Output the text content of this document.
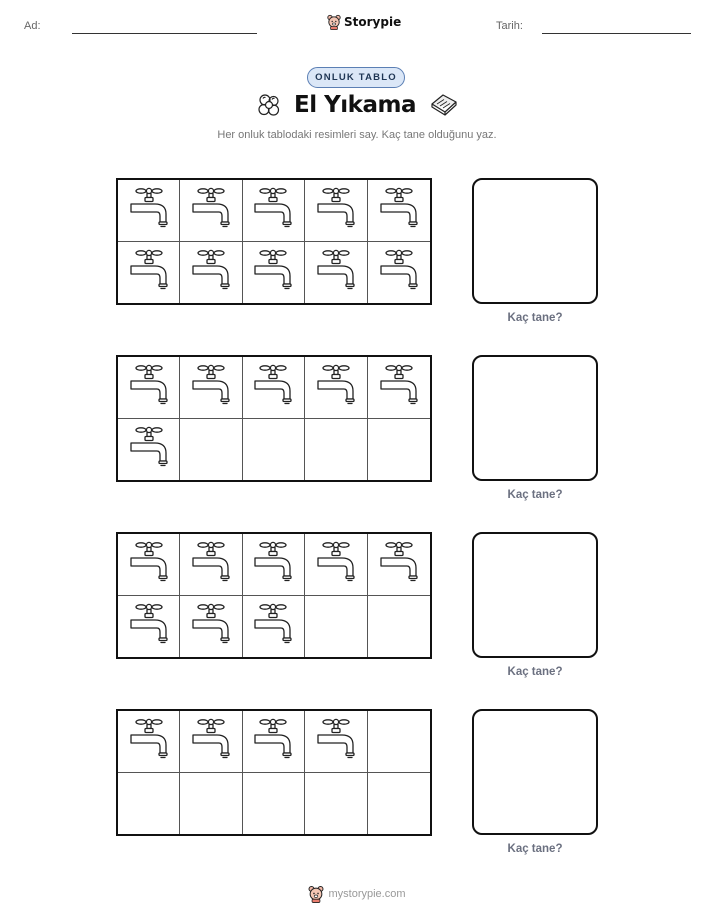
Ad:	Tarih:
Storypie
ONLUK TABLO
El Yıkama
Her onluk tablodaki resimleri say. Kaç tane olduğunu yaz.
Kaç tane?
Kaç tane?
Kaç tane?
Kaç tane?
mystorypie.com
